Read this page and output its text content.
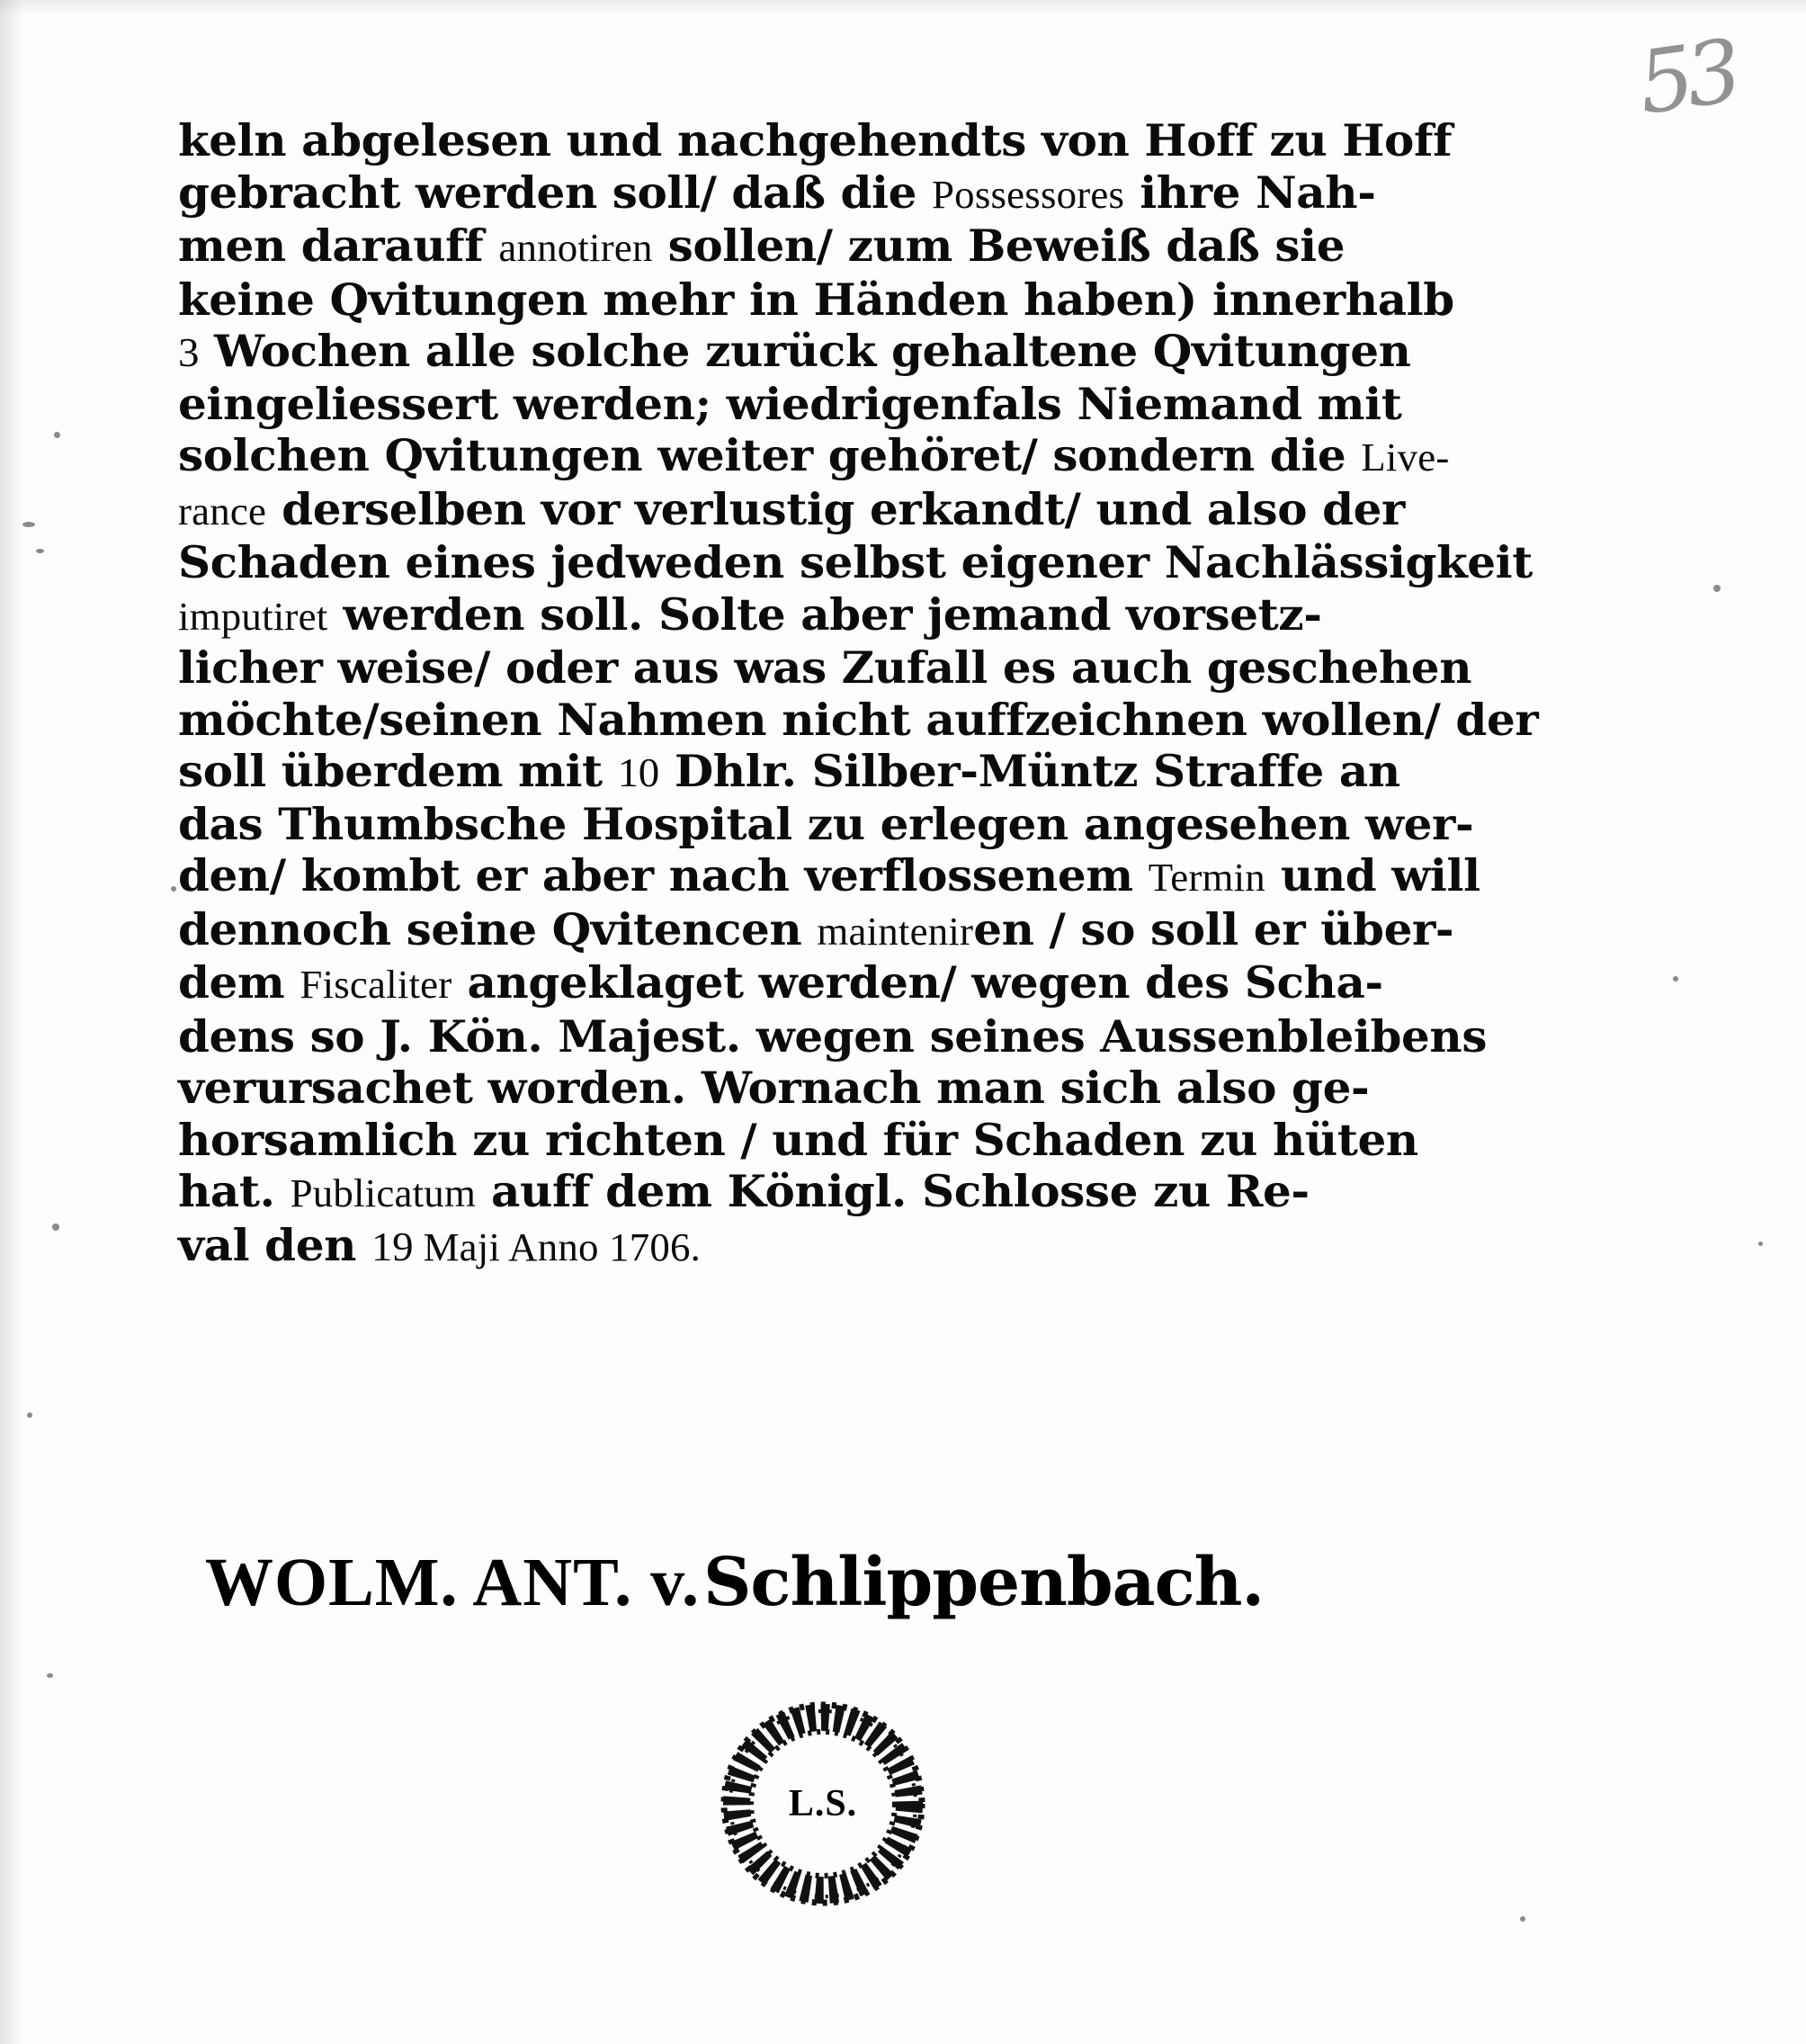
53
keln abgelesen und nachgehendts von Hoff zu Hoff
gebracht werden soll/ daß die Possessores ihre Nah-
men darauff annotiren sollen/ zum Beweiß daß sie
keine Qvitungen mehr in Händen haben) innerhalb
3 Wochen alle solche zurück gehaltene Qvitungen
eingeliessert werden; wiedrigenfals Niemand mit
solchen Qvitungen weiter gehöret/ sondern die Live-
rance derselben vor verlustig erkandt/ und also der
Schaden eines jedweden selbst eigener Nachlässigkeit
imputiret werden soll. Solte aber jemand vorsetz-
licher weise/ oder aus was Zufall es auch geschehen
möchte/seinen Nahmen nicht auffzeichnen wollen/ der
soll überdem mit 10 Dhlr. Silber-Müntz Straffe an
das Thumbsche Hospital zu erlegen angesehen wer-
den/ kombt er aber nach verflossenem Termin und will
dennoch seine Qvitencen mainteniren / so soll er über-
dem Fiscaliter angeklaget werden/ wegen des Scha-
dens so J. Kön. Majest. wegen seines Aussenbleibens
verursachet worden. Wornach man sich also ge-
horsamlich zu richten / und für Schaden zu hüten
hat. Publicatum auff dem Königl. Schlosse zu Re-
val den 19 Maji Anno 1706.
WOLM. ANT. v. Schlippenbach.
L.S.
